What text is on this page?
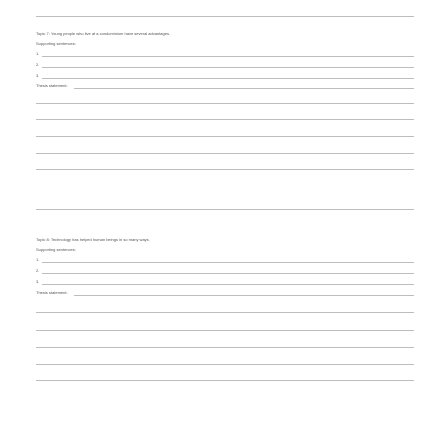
Topic 7: Young people who live at a condominium have several advantages.
Supporting sentences:
1.
2.
3.
Thesis statement:
Topic 8: Technology has helped human beings in so many ways.
Supporting sentences:
1.
2.
3.
Thesis statement:
